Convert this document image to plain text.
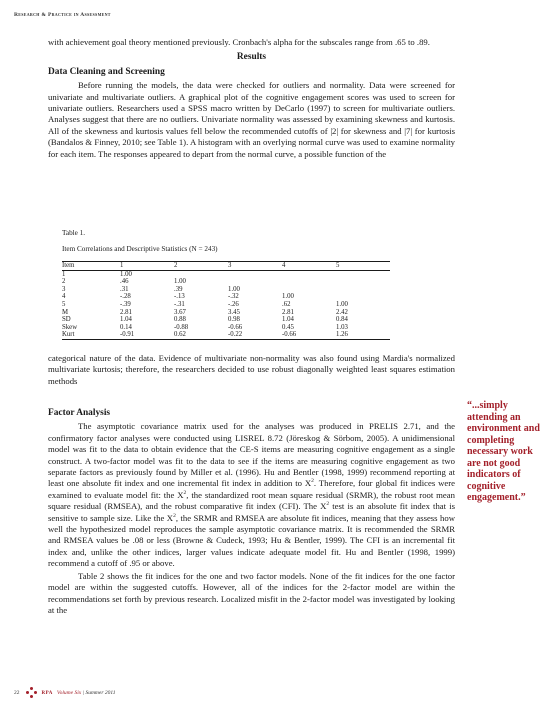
Research & Practice in Assessment

with achievement goal theory mentioned previously. Cronbach's alpha for the subscales range from .65 to .89.

Results
Data Cleaning and Screening

Before running the models, the data were checked for outliers and normality. Data were screened for univariate and multivariate outliers. A graphical plot of the cognitive engagement scores was used to screen for univariate outliers. Researchers used a SPSS macro written by DeCarlo (1997) to screen for multivariate outliers. Analyses suggest that there are no outliers. Univariate normality was assessed by examining skewness and kurtosis. All of the skewness and kurtosis values fell below the recommended cutoffs of |2| for skewness and |7| for kurtosis (Bandalos & Finney, 2010; see Table 1). A histogram with an overlying normal curve was used to examine normality for each item. The responses appeared to depart from the normal curve, a possible function of the

Table 1.
Item Correlations and Descriptive Statistics (N = 243)
Item	1	2	3	4	5
1	1.00				
2	.46	1.00			
3	.31	.39	1.00		
4	-.28	-.13	-.32	1.00	
5	-.39	-.31	-.26	.62	1.00
M	2.81	3.67	3.45	2.81	2.42
SD	1.04	0.88	0.98	1.04	0.84
Skew	0.14	-0.88	-0.66	0.45	1.03
Kurt	-0.91	0.62	-0.22	-0.66	1.26

categorical nature of the data. Evidence of multivariate non-normality was also found using Mardia's normalized multivariate kurtosis; therefore, the researchers decided to use robust diagonally weighted least squares estimation methods

Factor Analysis

The asymptotic covariance matrix used for the analyses was produced in PRELIS 2.71, and the confirmatory factor analyses were conducted using LISREL 8.72 (Jöreskog & Sörbom, 2005). A unidimensional model was fit to the data to obtain evidence that the CE-S items are measuring cognitive engagement as a single construct. A two-factor model was fit to the data to see if the items are measuring cognitive engagement as two separate factors as previously found by Miller et al. (1996). Hu and Bentler (1998, 1999) recommend reporting at least one absolute fit index and one incremental fit index in addition to $X^2$. Therefore, four global fit indices were examined to evaluate model fit: the $X^2$, the standardized root mean square residual (SRMR), the robust root mean square residual (RMSEA), and the robust comparative fit index (CFI). The $X^2$ test is an absolute fit index that is sensitive to sample size. Like the $X^2$, the SRMR and RMSEA are absolute fit indices, meaning that they assess how well the hypothesized model reproduces the sample asymptotic covariance matrix. It is recommended the SRMR and RMSEA values be .08 or less (Browne & Cudeck, 1993; Hu & Bentler, 1999). The CFI is an incremental fit index and, unlike the other indices, larger values indicate adequate model fit. Hu and Bentler (1998, 1999) recommend a cutoff of .95 or above.

Table 2 shows the fit indices for the one and two factor models. None of the fit indices for the one factor model are within the suggested cutoffs. However, all of the indices for the 2-factor model are within the recommendations set forth by previous research. Localized misfit in the 2-factor model was investigated by looking at the

“...simply attending an environment and completing necessary work are not good indicators of cognitive engagement.”
22	RPA Volume Six | Summer 2011
